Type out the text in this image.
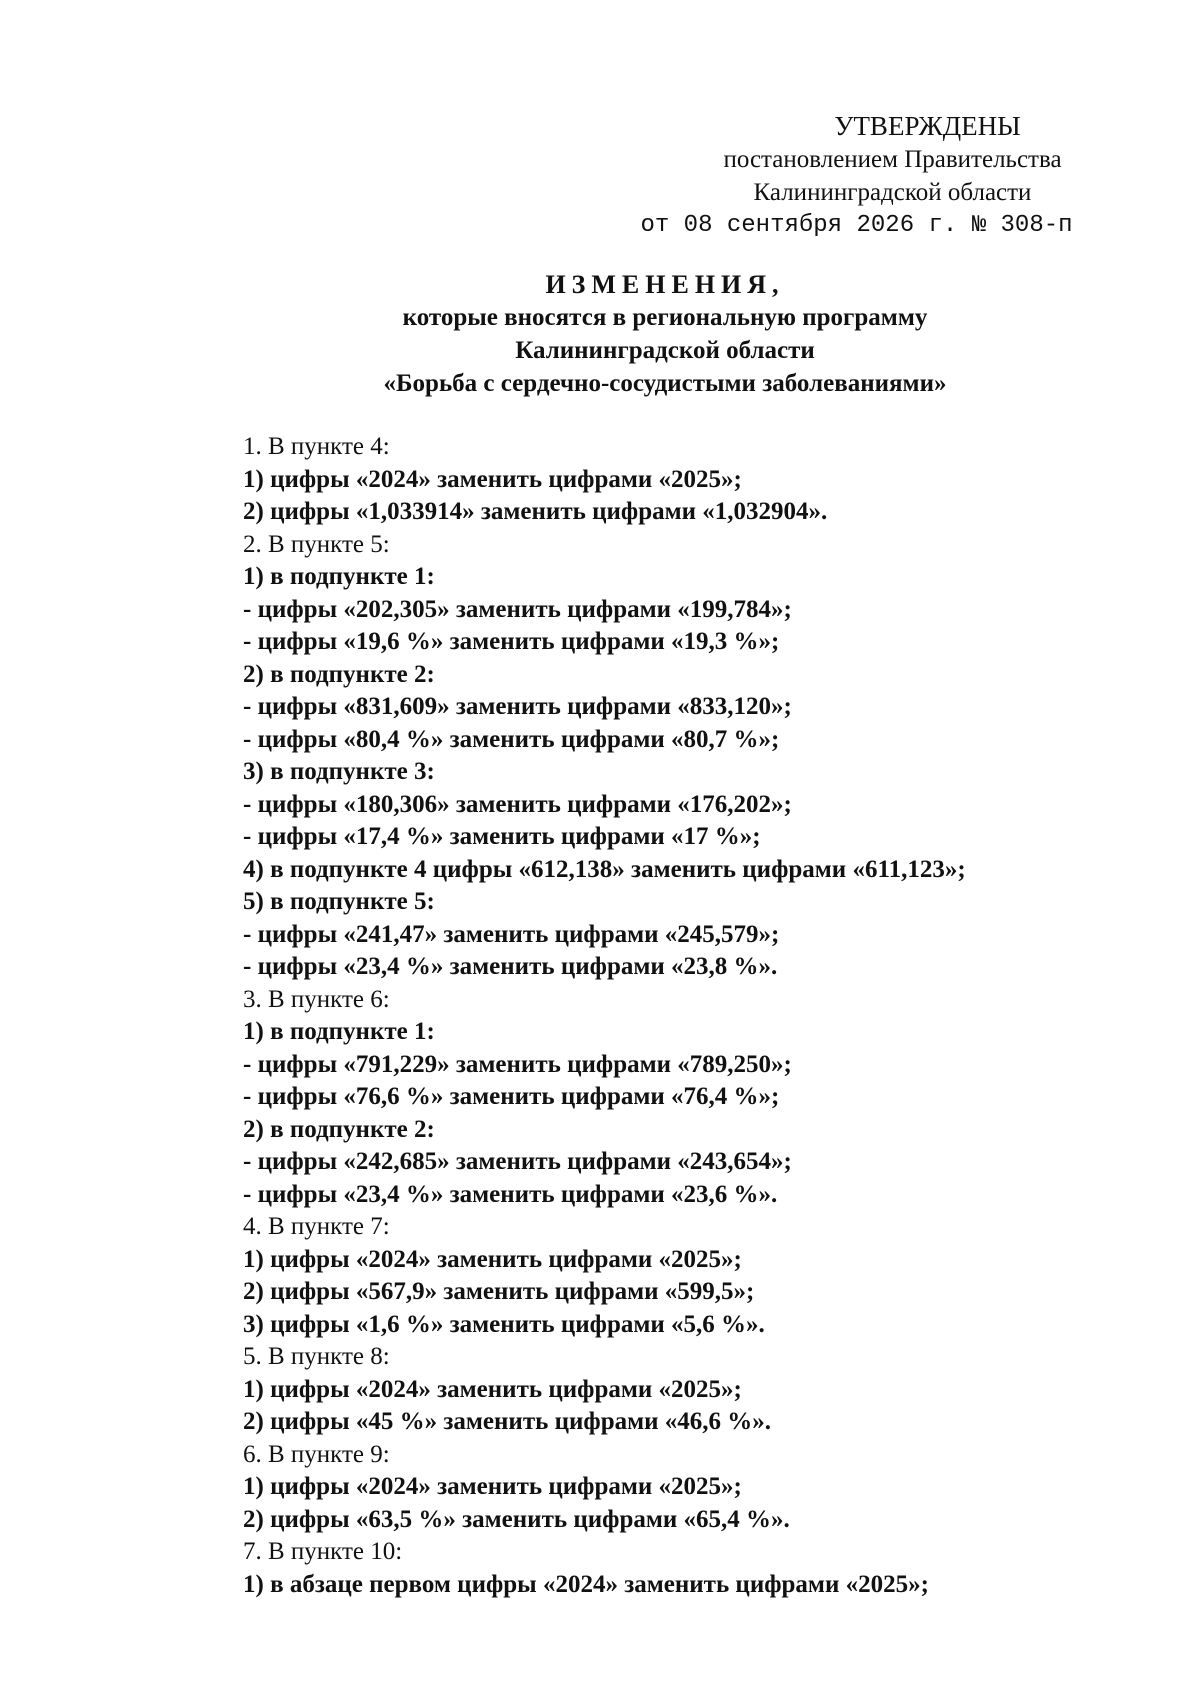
УТВЕРЖДЕНЫ
постановлением Правительства
Калининградской области
от 08 сентября 2026 г. № 308-п
ИЗМЕНЕНИЯ,
которые вносятся в региональную программу
Калининградской области
«Борьба с сердечно-сосудистыми заболеваниями»
1. В пункте 4:
1) цифры «2024» заменить цифрами «2025»;
2) цифры «1,033914» заменить цифрами «1,032904».
2. В пункте 5:
1) в подпункте 1:
- цифры «202,305» заменить цифрами «199,784»;
- цифры «19,6 %» заменить цифрами «19,3 %»;
2) в подпункте 2:
- цифры «831,609» заменить цифрами «833,120»;
- цифры «80,4 %» заменить цифрами «80,7 %»;
3) в подпункте 3:
- цифры «180,306» заменить цифрами «176,202»;
- цифры «17,4 %» заменить цифрами «17 %»;
4) в подпункте 4 цифры «612,138» заменить цифрами «611,123»;
5) в подпункте 5:
- цифры «241,47» заменить цифрами «245,579»;
- цифры «23,4 %» заменить цифрами «23,8 %».
3. В пункте 6:
1) в подпункте 1:
- цифры «791,229» заменить цифрами «789,250»;
- цифры «76,6 %» заменить цифрами «76,4 %»;
2) в подпункте 2:
- цифры «242,685» заменить цифрами «243,654»;
- цифры «23,4 %» заменить цифрами «23,6 %».
4. В пункте 7:
1) цифры «2024» заменить цифрами «2025»;
2) цифры «567,9» заменить цифрами «599,5»;
3) цифры «1,6 %» заменить цифрами «5,6 %».
5. В пункте 8:
1) цифры «2024» заменить цифрами «2025»;
2) цифры «45 %» заменить цифрами «46,6 %».
6. В пункте 9:
1) цифры «2024» заменить цифрами «2025»;
2) цифры «63,5 %» заменить цифрами «65,4 %».
7. В пункте 10:
1) в абзаце первом цифры «2024» заменить цифрами «2025»;
